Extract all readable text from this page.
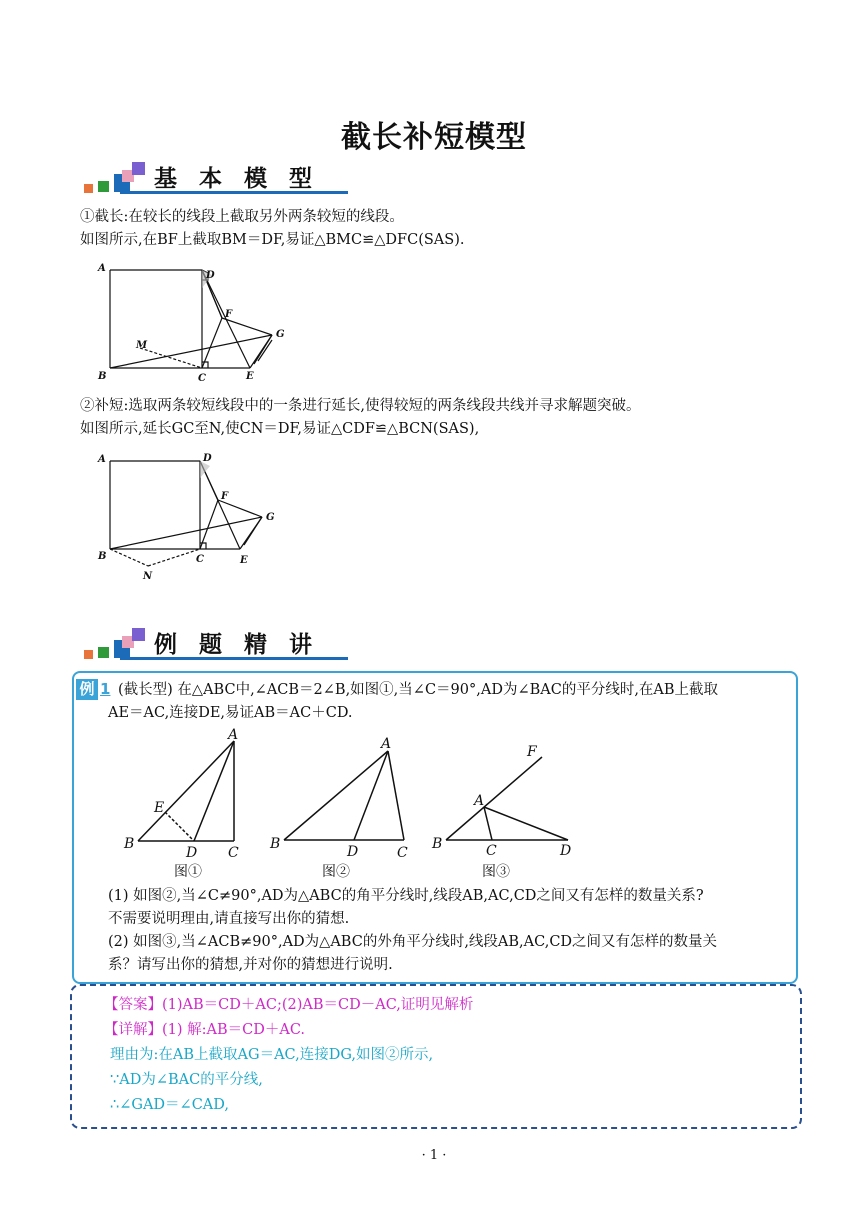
截长补短模型
基 本 模 型
①截长:在较长的线段上截取另外两条较短的线段。
如图所示,在BF上截取BM＝DF,易证△BMC≌△DFC(SAS).
A
D
F
G
M
B	C	E
②补短:选取两条较短线段中的一条进行延长,使得较短的两条线段共线并寻求解题突破。
如图所示,延长GC至N,使CN＝DF,易证△CDF≌△BCN(SAS),
A	D
F
G
B	C	E
N
例 题 精 讲
例 1 (截长型) 在△ABC中,∠ACB＝2∠B,如图①,当∠C＝90°,AD为∠BAC的平分线时,在AB上截取
AE＝AC,连接DE,易证AB＝AC＋CD.
A
E
B
D C
图①
A
B	D	C
图②
F
A
B	C	D
图③
(1) 如图②,当∠C≠90°,AD为△ABC的角平分线时,线段AB,AC,CD之间又有怎样的数量关系?
不需要说明理由,请直接写出你的猜想.
(2) 如图③,当∠ACB≠90°,AD为△ABC的外角平分线时,线段AB,AC,CD之间又有怎样的数量关
系？请写出你的猜想,并对你的猜想进行说明.
【答案】(1)AB＝CD＋AC;(2)AB＝CD－AC,证明见解析
【详解】(1) 解:AB＝CD＋AC.
理由为:在AB上截取AG＝AC,连接DG,如图②所示,
∵AD为∠BAC的平分线,
∴∠GAD＝∠CAD,
· 1 ·
